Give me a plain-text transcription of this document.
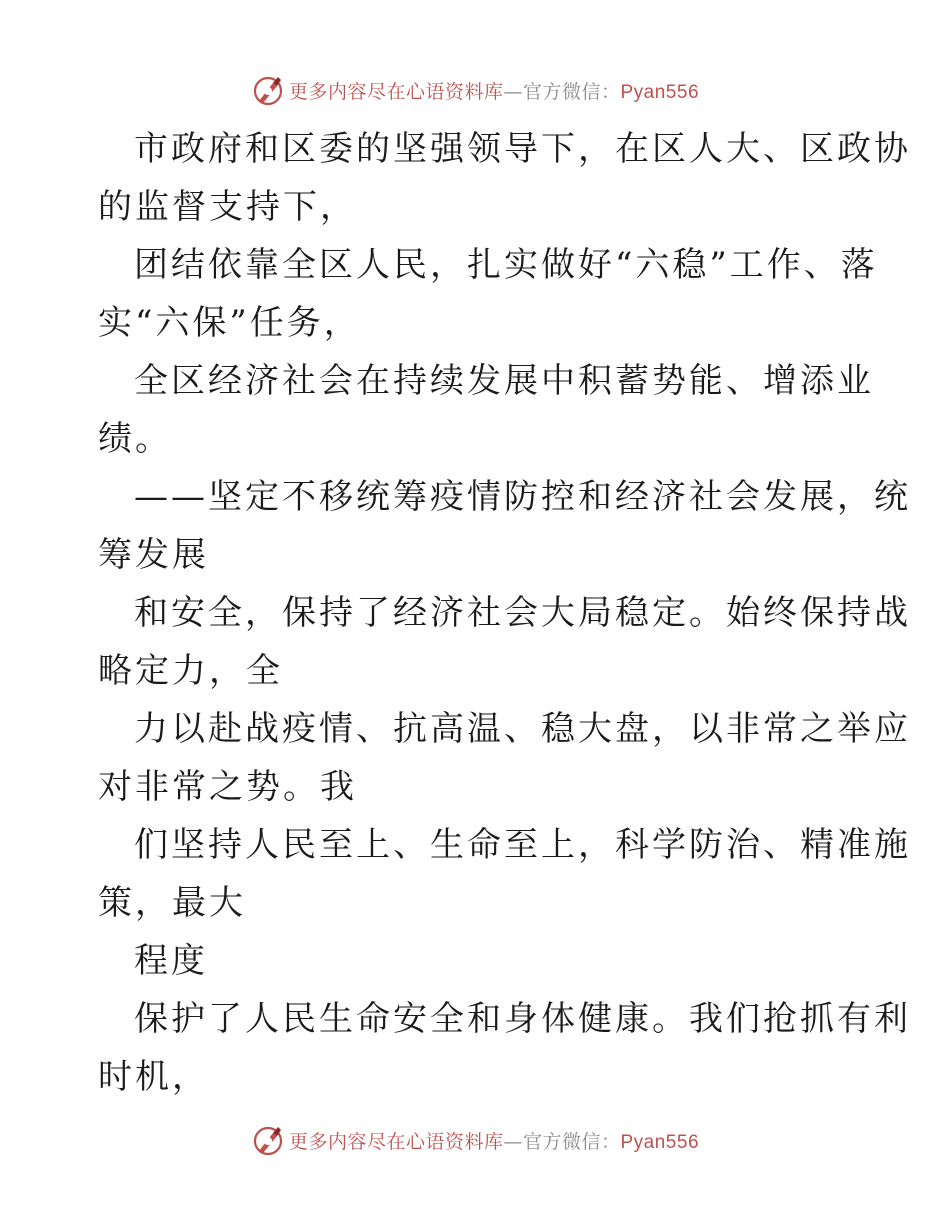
更多内容尽在心语资料库—官方微信：Pyan556
市政府和区委的坚强领导下，在区人大、区政协
的监督支持下，
团结依靠全区人民，扎实做好“六稳”工作、落
实“六保”任务，
全区经济社会在持续发展中积蓄势能、增添业
绩。
——坚定不移统筹疫情防控和经济社会发展，统
筹发展
和安全，保持了经济社会大局稳定。始终保持战
略定力，全
力以赴战疫情、抗高温、稳大盘，以非常之举应
对非常之势。我
们坚持人民至上、生命至上，科学防治、精准施
策，最大
程度
保护了人民生命安全和身体健康。我们抢抓有利
时机，
更多内容尽在心语资料库—官方微信：Pyan556
